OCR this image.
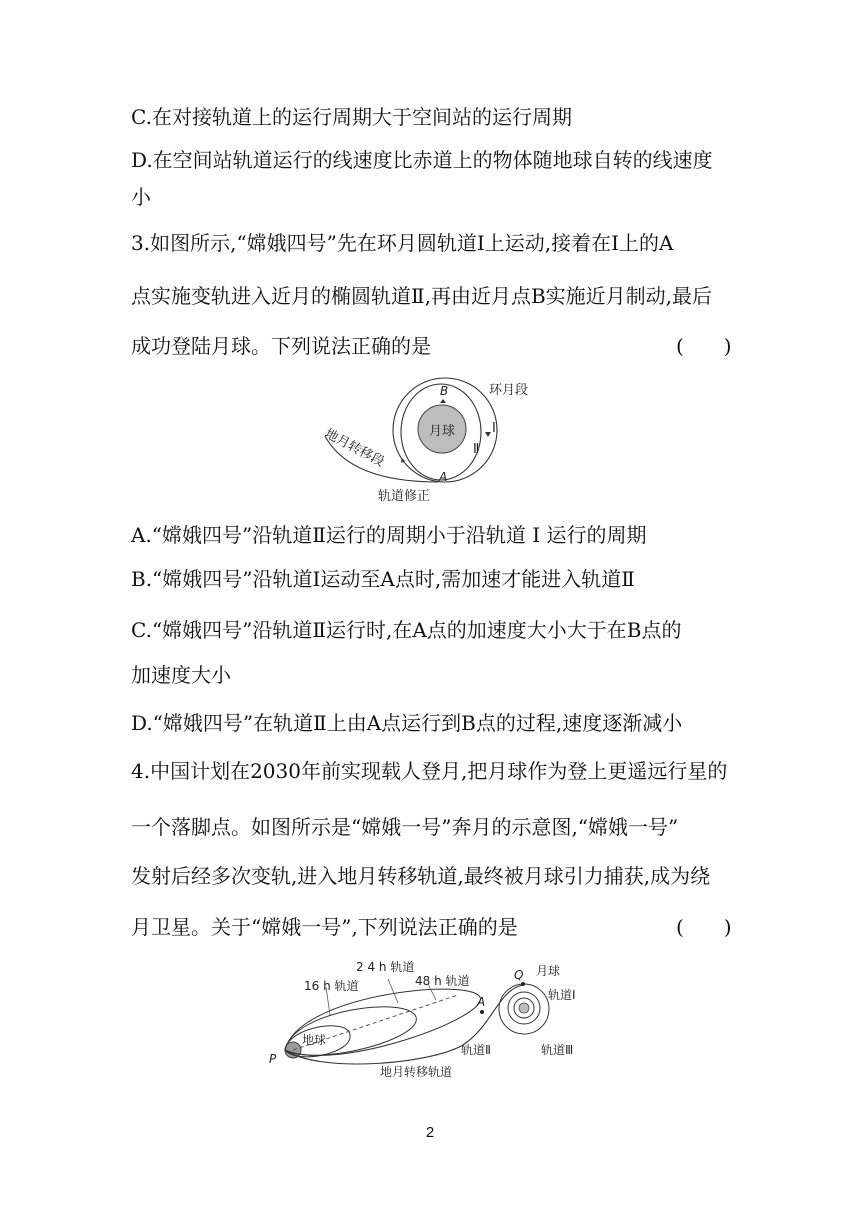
C.在对接轨道上的运行周期大于空间站的运行周期
D.在空间站轨道运行的线速度比赤道上的物体随地球自转的线速度
小
3.如图所示,“嫦娥四号”先在环月圆轨道Ⅰ上运动,接着在Ⅰ上的A
点实施变轨进入近月的椭圆轨道Ⅱ,再由近月点B实施近月制动,最后
成功登陆月球。下列说法正确的是	(　　)
月球
地月转移段
环月段
B
A
Ⅰ
Ⅱ
轨道修正
A.“嫦娥四号”沿轨道Ⅱ运行的周期小于沿轨道 I 运行的周期
B.“嫦娥四号”沿轨道Ⅰ运动至A点时,需加速才能进入轨道Ⅱ
C.“嫦娥四号”沿轨道Ⅱ运行时,在A点的加速度大小大于在B点的
加速度大小
D.“嫦娥四号”在轨道Ⅱ上由A点运行到B点的过程,速度逐渐减小
4.中国计划在2030年前实现载人登月,把月球作为登上更遥远行星的
一个落脚点。如图所示是“嫦娥一号”奔月的示意图,“嫦娥一号”
发射后经多次变轨,进入地月转移轨道,最终被月球引力捕获,成为绕
月卫星。关于“嫦娥一号”,下列说法正确的是	(　　)
16 h 轨道
2 4 h 轨道
48 h 轨道
地球
P
A
Q 月球
轨道Ⅰ
轨道Ⅱ	轨道Ⅲ
地月转移轨道
2
